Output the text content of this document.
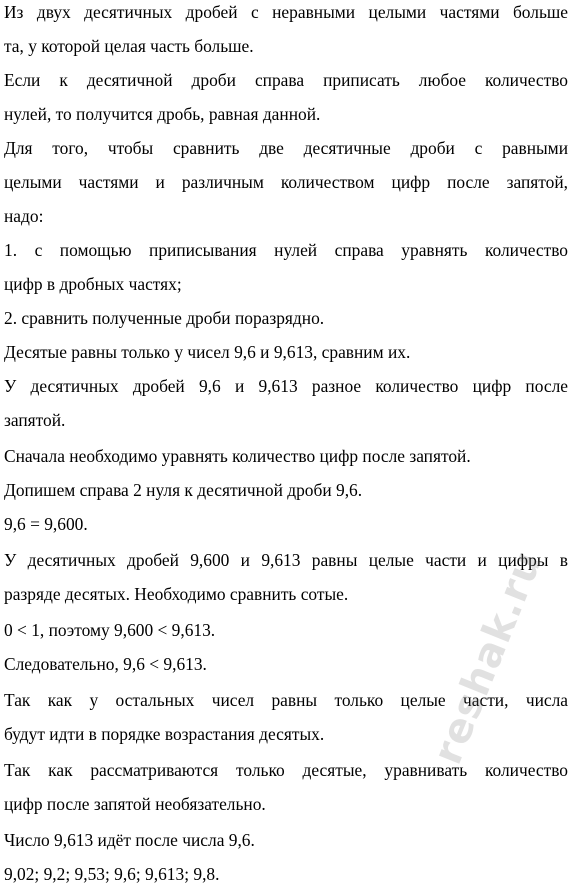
Из двух десятичных дробей с неравными целыми частями больше
та, у которой целая часть больше.
Если к десятичной дроби справа приписать любое количество
нулей, то получится дробь, равная данной.
Для того, чтобы сравнить две десятичные дроби с равными
целыми частями и различным количеством цифр после запятой,
надо:
1. с помощью приписывания нулей справа уравнять количество
цифр в дробных частях;
2. сравнить полученные дроби поразрядно.
Десятые равны только у чисел 9,6 и 9,613, сравним их.
У десятичных дробей 9,6 и 9,613 разное количество цифр после
запятой.
Сначала необходимо уравнять количество цифр после запятой.
Допишем справа 2 нуля к десятичной дроби 9,6.
9,6 = 9,600.
У десятичных дробей 9,600 и 9,613 равны целые части и цифры в
разряде десятых. Необходимо сравнить сотые.
0 < 1, поэтому 9,600 < 9,613.
Следовательно, 9,6 < 9,613.
Так как у остальных чисел равны только целые части, числа
будут идти в порядке возрастания десятых.
Так как рассматриваются только десятые, уравнивать количество
цифр после запятой необязательно.
Число 9,613 идёт после числа 9,6.
9,02; 9,2; 9,53; 9,6; 9,613; 9,8.
reshak.ru
